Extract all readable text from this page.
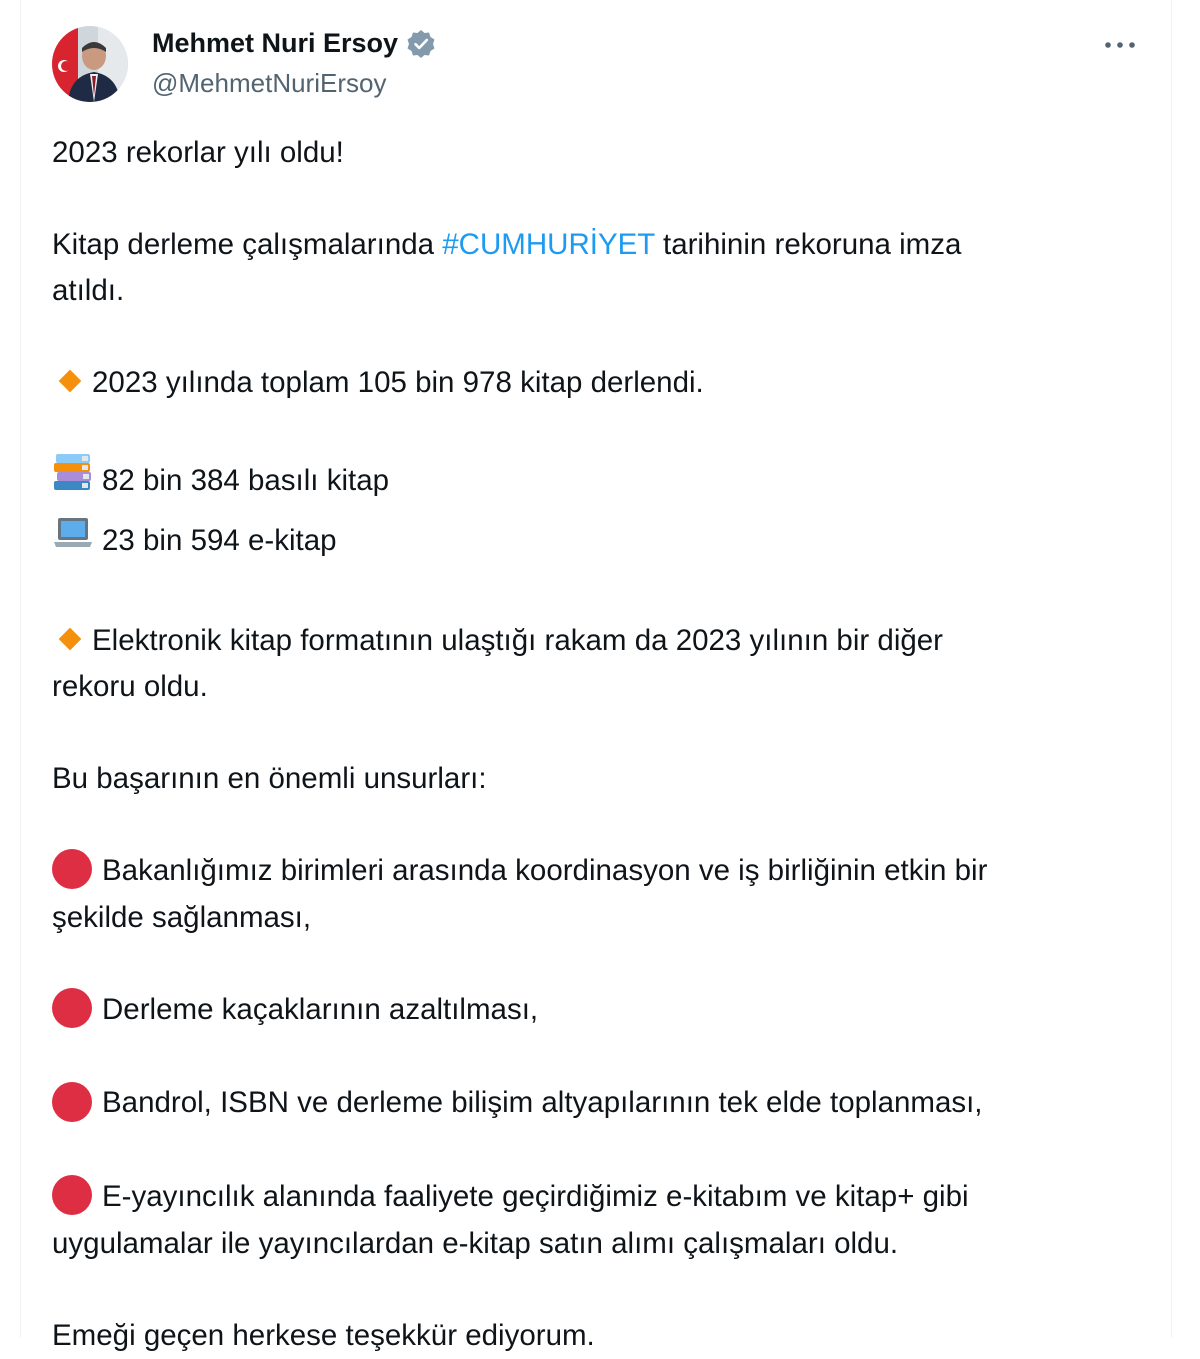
Mehmet Nuri Ersoy
@MehmetNuriErsoy
2023 rekorlar yılı oldu!
Kitap derleme çalışmalarında #CUMHURİYET tarihinin rekoruna imza
atıldı.
2023 yılında toplam 105 bin 978 kitap derlendi.
82 bin 384 basılı kitap
23 bin 594 e-kitap
Elektronik kitap formatının ulaştığı rakam da 2023 yılının bir diğer
rekoru oldu.
Bu başarının en önemli unsurları:
Bakanlığımız birimleri arasında koordinasyon ve iş birliğinin etkin bir
şekilde sağlanması,
Derleme kaçaklarının azaltılması,
Bandrol, ISBN ve derleme bilişim altyapılarının tek elde toplanması,
E-yayıncılık alanında faaliyete geçirdiğimiz e-kitabım ve kitap+ gibi
uygulamalar ile yayıncılardan e-kitap satın alımı çalışmaları oldu.
Emeği geçen herkese teşekkür ediyorum.
